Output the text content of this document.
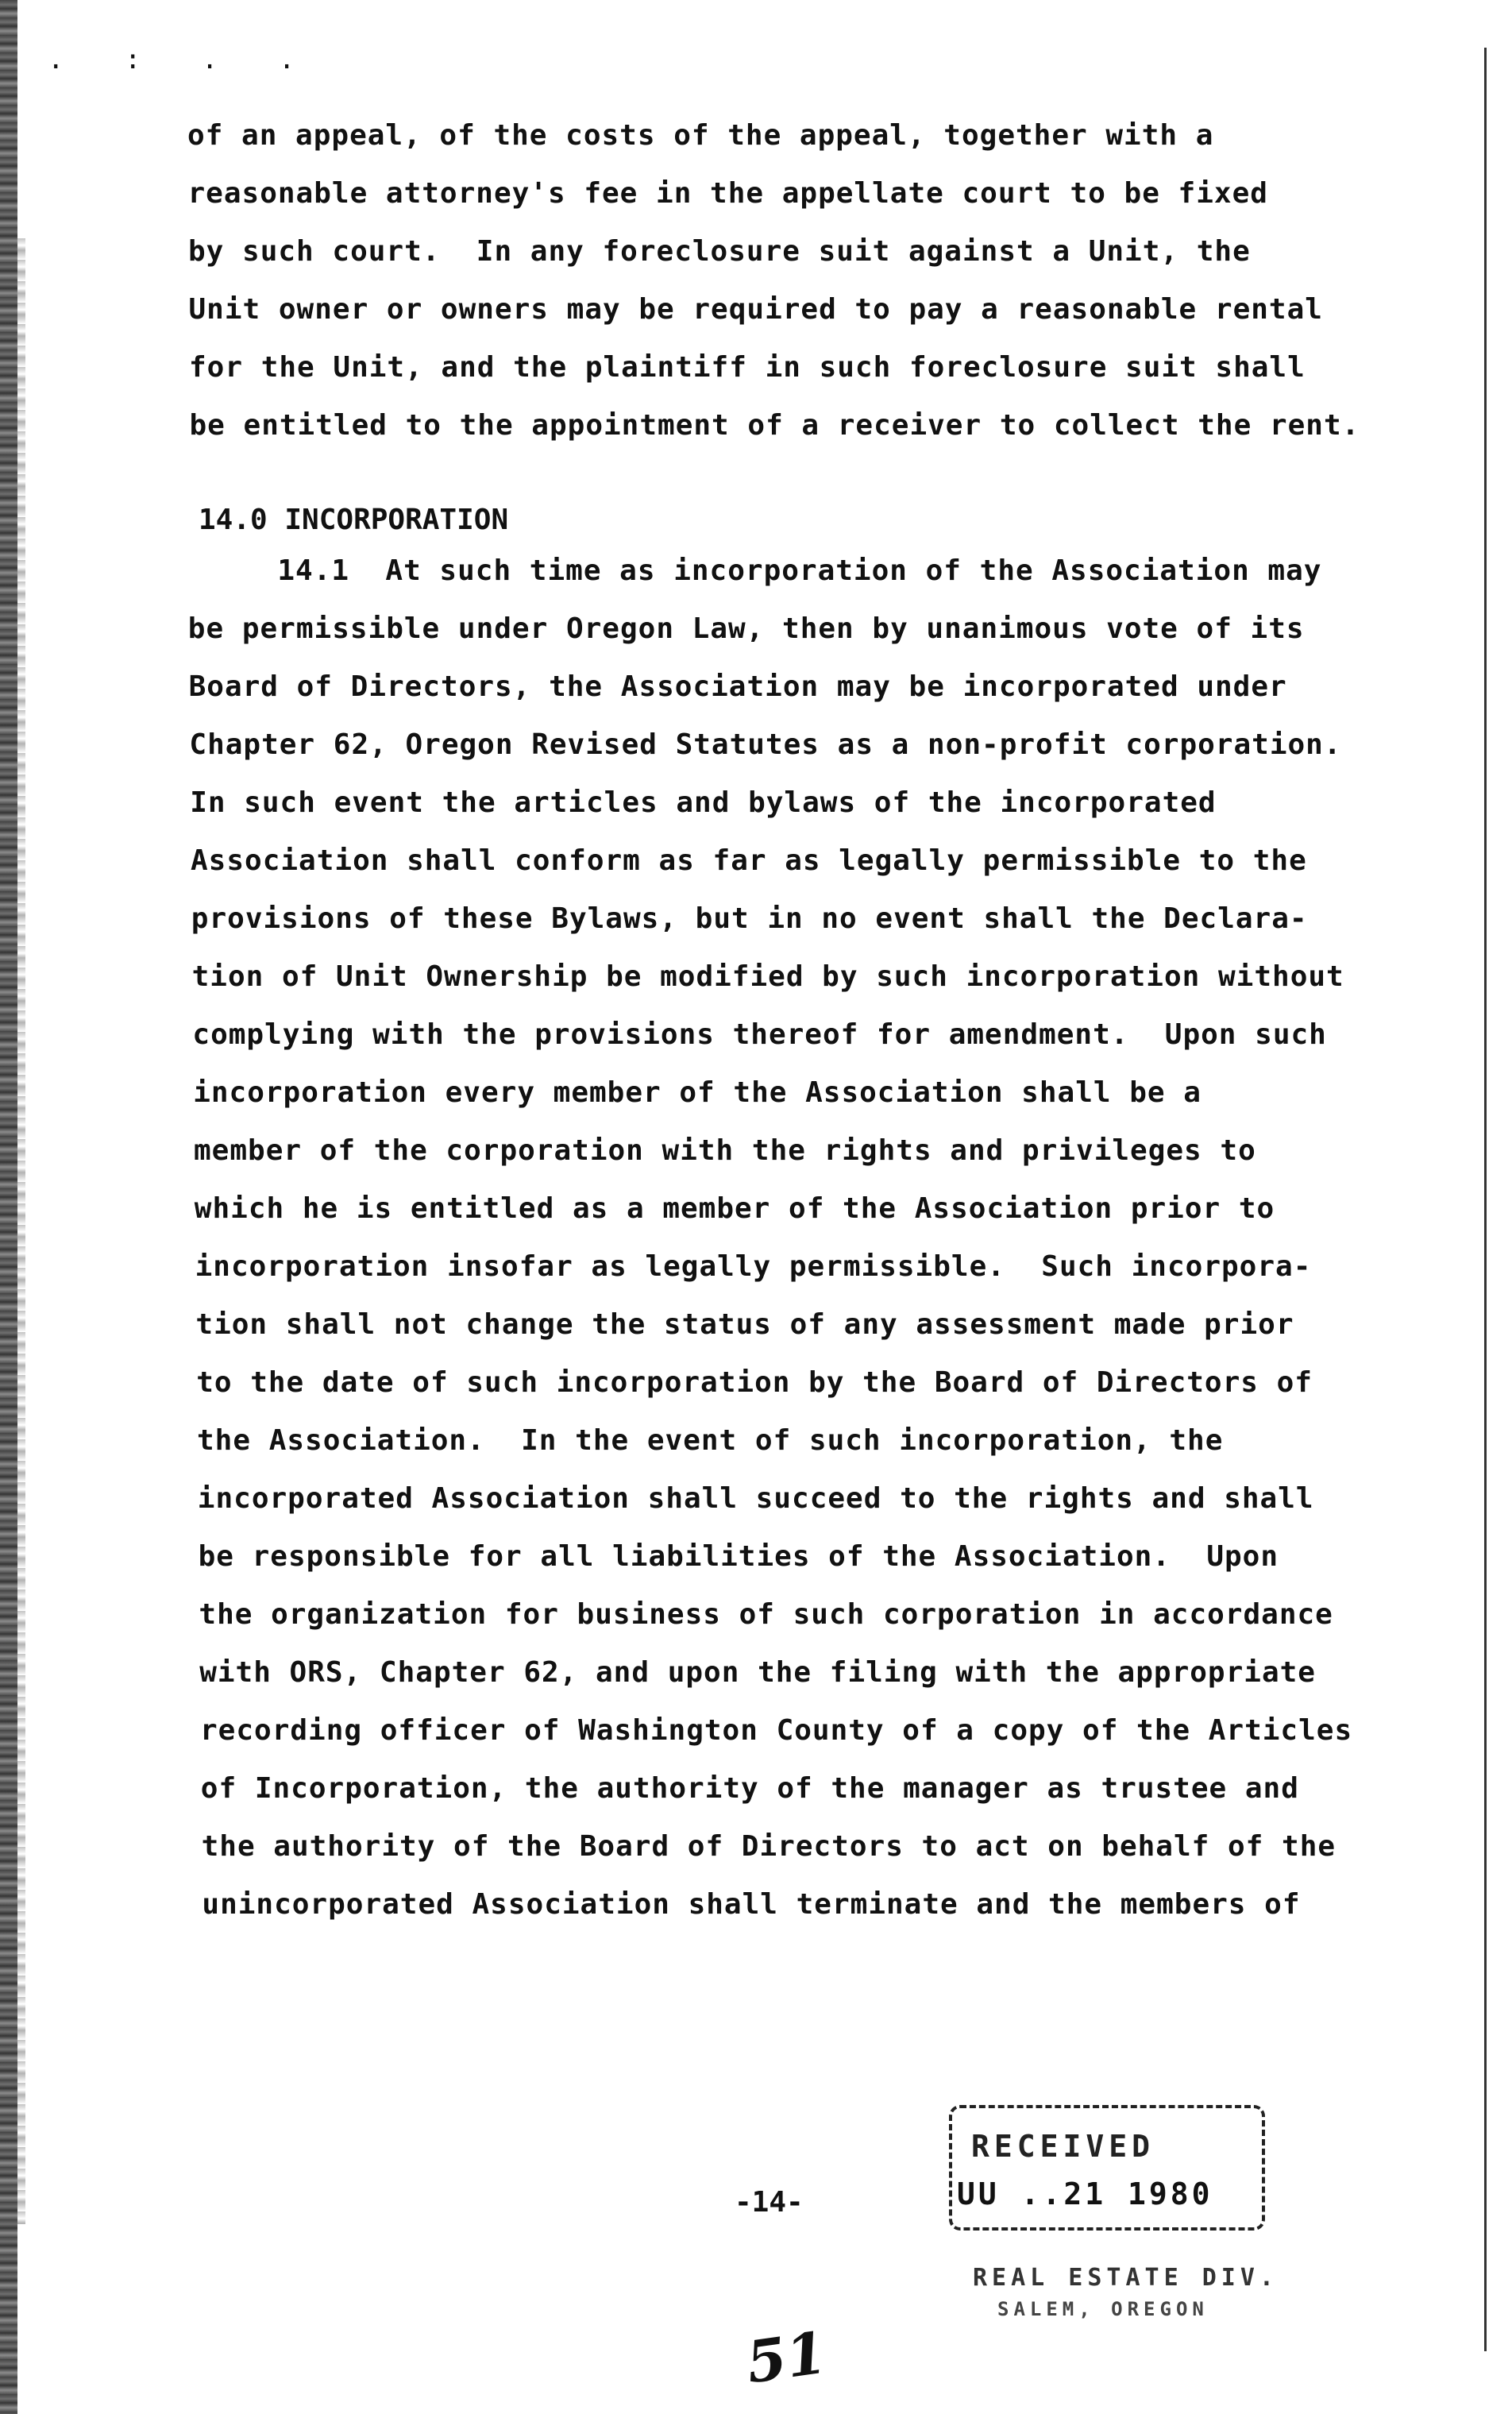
. : . .
of an appeal, of the costs of the appeal, together with a
reasonable attorney's fee in the appellate court to be fixed
by such court.  In any foreclosure suit against a Unit, the
Unit owner or owners may be required to pay a reasonable rental
for the Unit, and the plaintiff in such foreclosure suit shall
be entitled to the appointment of a receiver to collect the rent.
14.0 INCORPORATION
14.1  At such time as incorporation of the Association may
be permissible under Oregon Law, then by unanimous vote of its
Board of Directors, the Association may be incorporated under
Chapter 62, Oregon Revised Statutes as a non-profit corporation.
In such event the articles and bylaws of the incorporated
Association shall conform as far as legally permissible to the
provisions of these Bylaws, but in no event shall the Declara-
tion of Unit Ownership be modified by such incorporation without
complying with the provisions thereof for amendment.  Upon such
incorporation every member of the Association shall be a
member of the corporation with the rights and privileges to
which he is entitled as a member of the Association prior to
incorporation insofar as legally permissible.  Such incorpora-
tion shall not change the status of any assessment made prior
to the date of such incorporation by the Board of Directors of
the Association.  In the event of such incorporation, the
incorporated Association shall succeed to the rights and shall
be responsible for all liabilities of the Association.  Upon
the organization for business of such corporation in accordance
with ORS, Chapter 62, and upon the filing with the appropriate
recording officer of Washington County of a copy of the Articles
of Incorporation, the authority of the manager as trustee and
the authority of the Board of Directors to act on behalf of the
unincorporated Association shall terminate and the members of
-14-
RECEIVED
UU ..21 1980
REAL ESTATE DIV.
SALEM, OREGON
51
